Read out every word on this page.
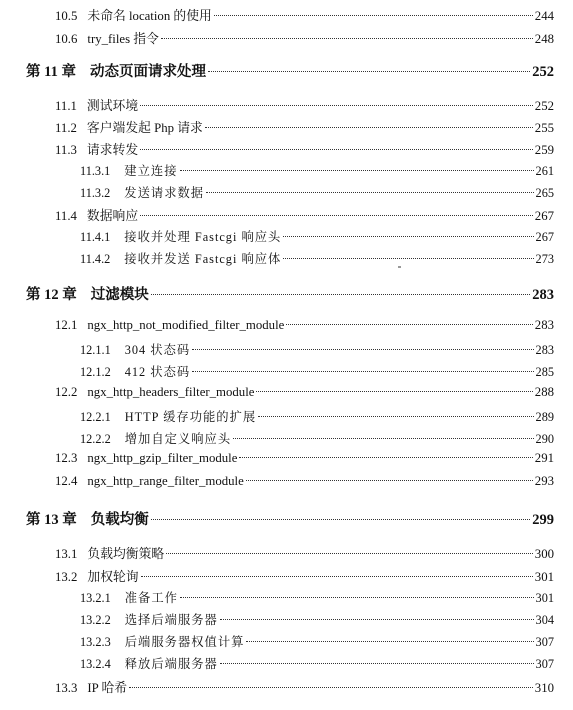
10.5 未命名 location 的使用	244
10.6 try_files 指令	248
第 11 章 动态页面请求处理	252
11.1 测试环境	252
11.2 客户端发起 Php 请求	255
11.3 请求转发	259
11.3.1 建立连接	261
11.3.2 发送请求数据	265
11.4 数据响应	267
11.4.1 接收并处理 Fastcgi 响应头	267
11.4.2 接收并发送 Fastcgi 响应体	273
第 12 章 过滤模块	283
12.1 ngx_http_not_modified_filter_module	283
12.1.1 304 状态码	283
12.1.2 412 状态码	285
12.2 ngx_http_headers_filter_module	288
12.2.1 HTTP 缓存功能的扩展	289
12.2.2 增加自定义响应头	290
12.3 ngx_http_gzip_filter_module	291
12.4 ngx_http_range_filter_module	293
第 13 章 负载均衡	299
13.1 负载均衡策略	300
13.2 加权轮询	301
13.2.1 准备工作	301
13.2.2 选择后端服务器	304
13.2.3 后端服务器权值计算	307
13.2.4 释放后端服务器	307
13.3 IP 哈希	310
